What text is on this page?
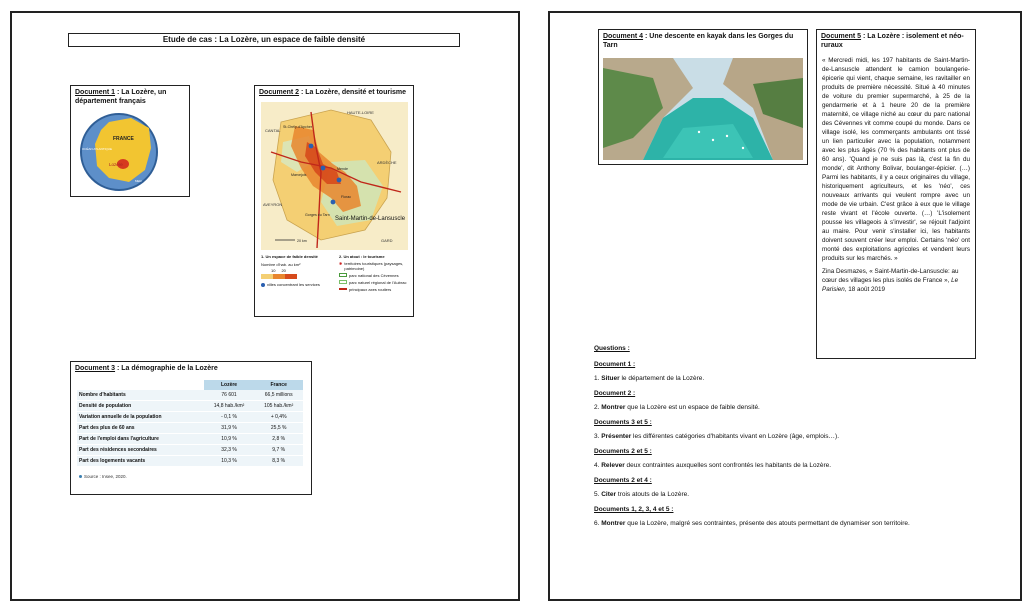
Etude de cas : La Lozère, un espace de faible densité
Document 1 : La Lozère, un département français
FRANCE
Lozère
OCÉAN ATLANTIQUE
MER
Document 2 : La Lozère, densité et tourisme
HAUTE-LOIRE
CANTAL
ARDÈCHE
AVEYRON
GARD
St-Chély-d'Apcher
Marvejols
Mende
Florac
Gorges du Tarn
Saint-Martin-de-Lansuscle
20 km
1. Un espace de faible densité
Nombre d'hab. au km²
10 20
villes concentrant les services
2. Un atout : le tourisme
✱ territoires touristiques (paysages, patrimoine)
parc national des Cévennes
parc naturel régional de l'Aubrac
principaux axes routiers
Document 3 : La démographie de la Lozère
	Lozère	France
Nombre d'habitants	76 601	66,5 millions
Densité de population	14,8 hab./km²	105 hab./km²
Variation annuelle de la population	- 0,1 %	+ 0,4%
Part des plus de 60 ans	31,9 %	25,5 %
Part de l'emploi dans l'agriculture	10,9 %	2,8 %
Part des résidences secondaires	32,3 %	9,7 %
Part des logements vacants	10,3 %	8,3 %
Source : Insee, 2020.
Document 4 : Une descente en kayak dans les Gorges du Tarn
Document 5 : La Lozère : isolement et néo-ruraux
« Mercredi midi, les 197 habitants de Saint-Martin-de-Lansuscle attendent le camion boulangerie-épicerie qui vient, chaque semaine, les ravitailler en produits de première nécessité. Situé à 40 minutes de voiture du premier supermarché, à 25 de la gendarmerie et à 1 heure 20 de la première maternité, ce village niché au cœur du parc national des Cévennes vit comme coupé du monde. Dans ce village isolé, les commerçants ambulants ont tissé un lien particulier avec la population, notamment avec les plus âgés (70 % des habitants ont plus de 60 ans). 'Quand je ne suis pas là, c'est la fin du monde', dit Anthony Bolivar, boulanger-épicier. (…) Parmi les habitants, il y a ceux originaires du village, historiquement agriculteurs, et les 'néo', ces nouveaux arrivants qui veulent rompre avec un mode de vie urbain. C'est grâce à eux que le village reste vivant et l'école ouverte. (…) 'L'isolement pousse les villageois à s'investir', se réjouit l'adjoint au maire. Pour venir s'installer ici, les habitants doivent souvent créer leur emploi. Certains 'néo' ont monté des exploitations agricoles et vendent leurs produits sur les marchés. »
Zina Desmazes, « Saint-Martin-de-Lansuscle: au cœur des villages les plus isolés de France », Le Parisien, 18 août 2019
Questions :
Document 1 :
1. Situer le département de la Lozère.
Document 2 :
2. Montrer que la Lozère est un espace de faible densité.
Documents 3 et 5 :
3. Présenter les différentes catégories d'habitants vivant en Lozère (âge, emplois…).
Documents 2 et 5 :
4. Relever deux contraintes auxquelles sont confrontés les habitants de la Lozère.
Documents 2 et 4 :
5. Citer trois atouts de la Lozère.
Documents 1, 2, 3, 4 et 5 :
6. Montrer que la Lozère, malgré ses contraintes, présente des atouts permettant de dynamiser son territoire.
